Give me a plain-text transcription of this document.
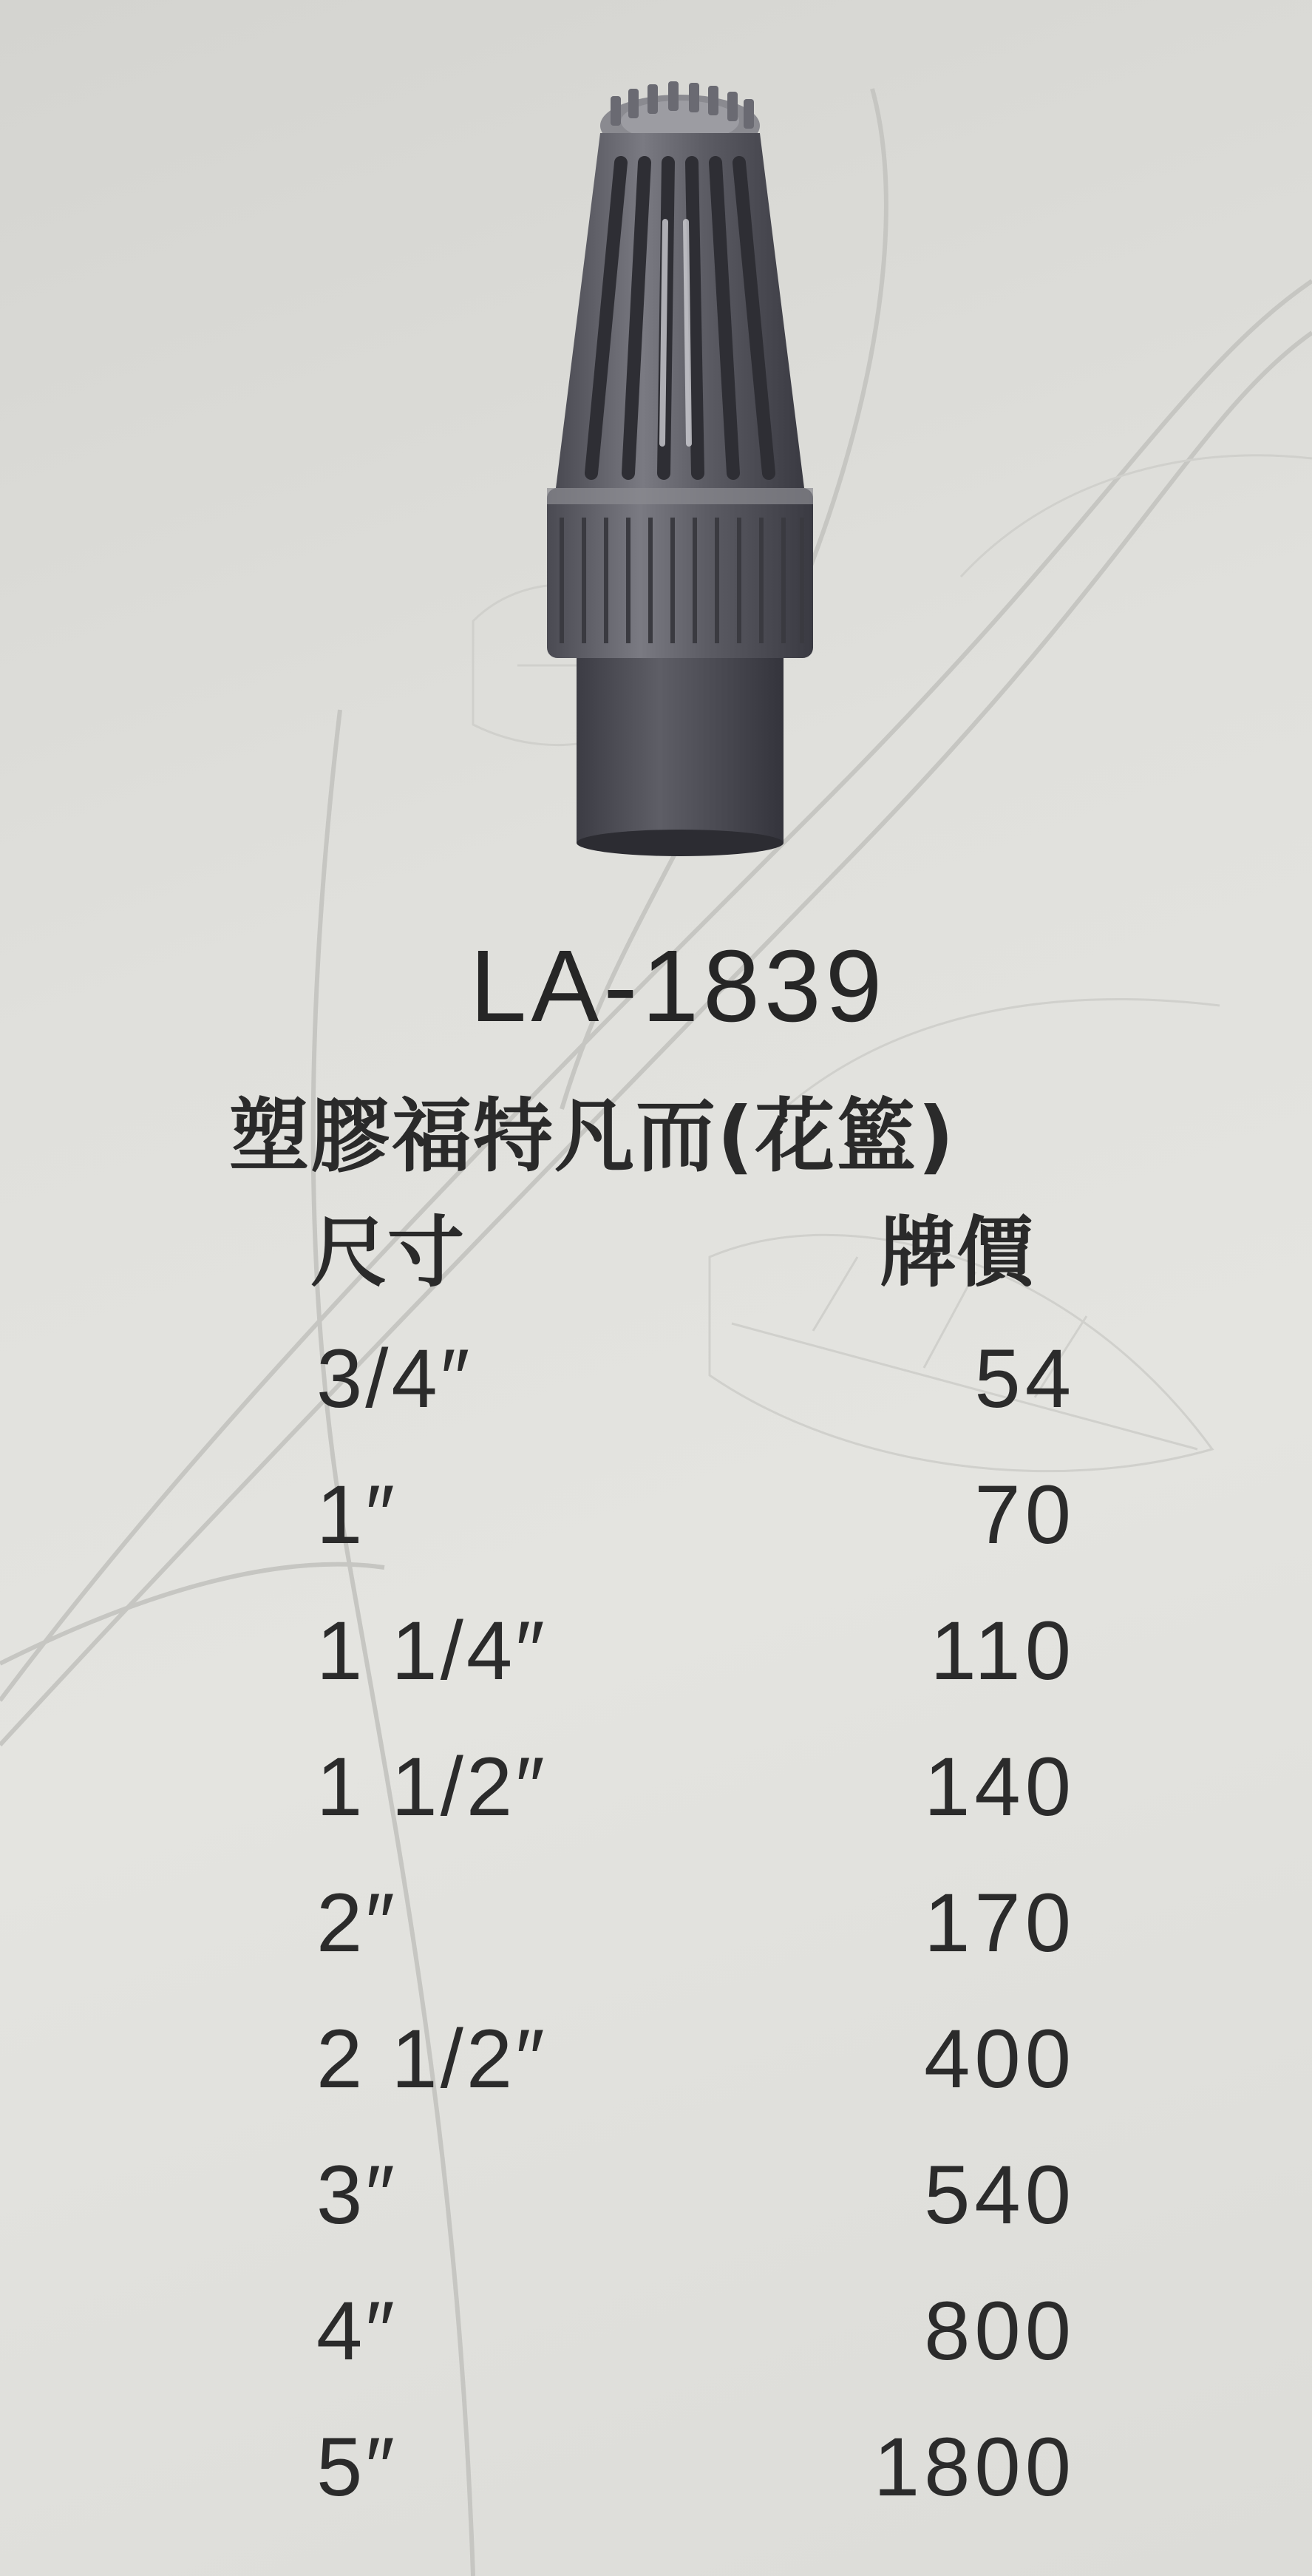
LA-1839
塑膠福特凡而(花籃)
尺寸	牌價
3/4″	54
1″	70
1 1/4″	110
1 1/2″	140
2″	170
2 1/2″	400
3″	540
4″	800
5″	1800
